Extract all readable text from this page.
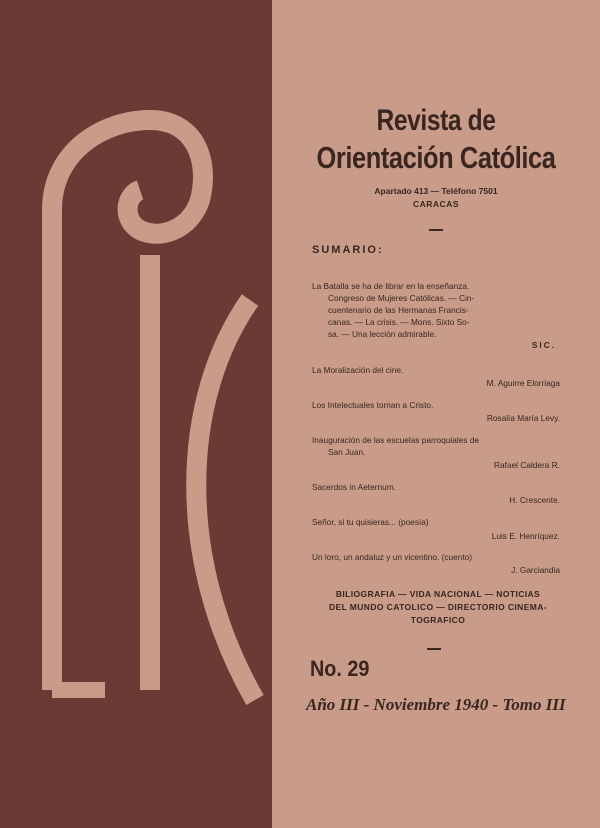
Revista de
Orientación Católica
Apartado 413 — Teléfono 7501
CARACAS
SUMARIO:
La Batalla se ha de librar en la enseñanza.
Congreso de Mujeres Católicas. — Cin-
cuentenario de las Hermanas Francis-
canas. — La crisis. — Mons. Sixto So-
sa. — Una lección admirable.
SIC.
La Moralización del cine.
M. Aguirre Elorriaga
Los Intelectuales tornan a Cristo.
Rosalía María Levy.
Inauguración de las escuelas parroquiales de
San Juan.
Rafael Caldera R.
Sacerdos in Aeternum.
H. Crescente.
Señor, si tu quisieras... (poesía)
Luis E. Henríquez.
Un loro, un andaluz y un vicentino. (cuento)
J. Garciandia
BILIOGRAFIA — VIDA NACIONAL — NOTICIAS
DEL MUNDO CATOLICO — DIRECTORIO CINEMA-
TOGRAFICO
No. 29
Año III - Noviembre 1940 - Tomo III
